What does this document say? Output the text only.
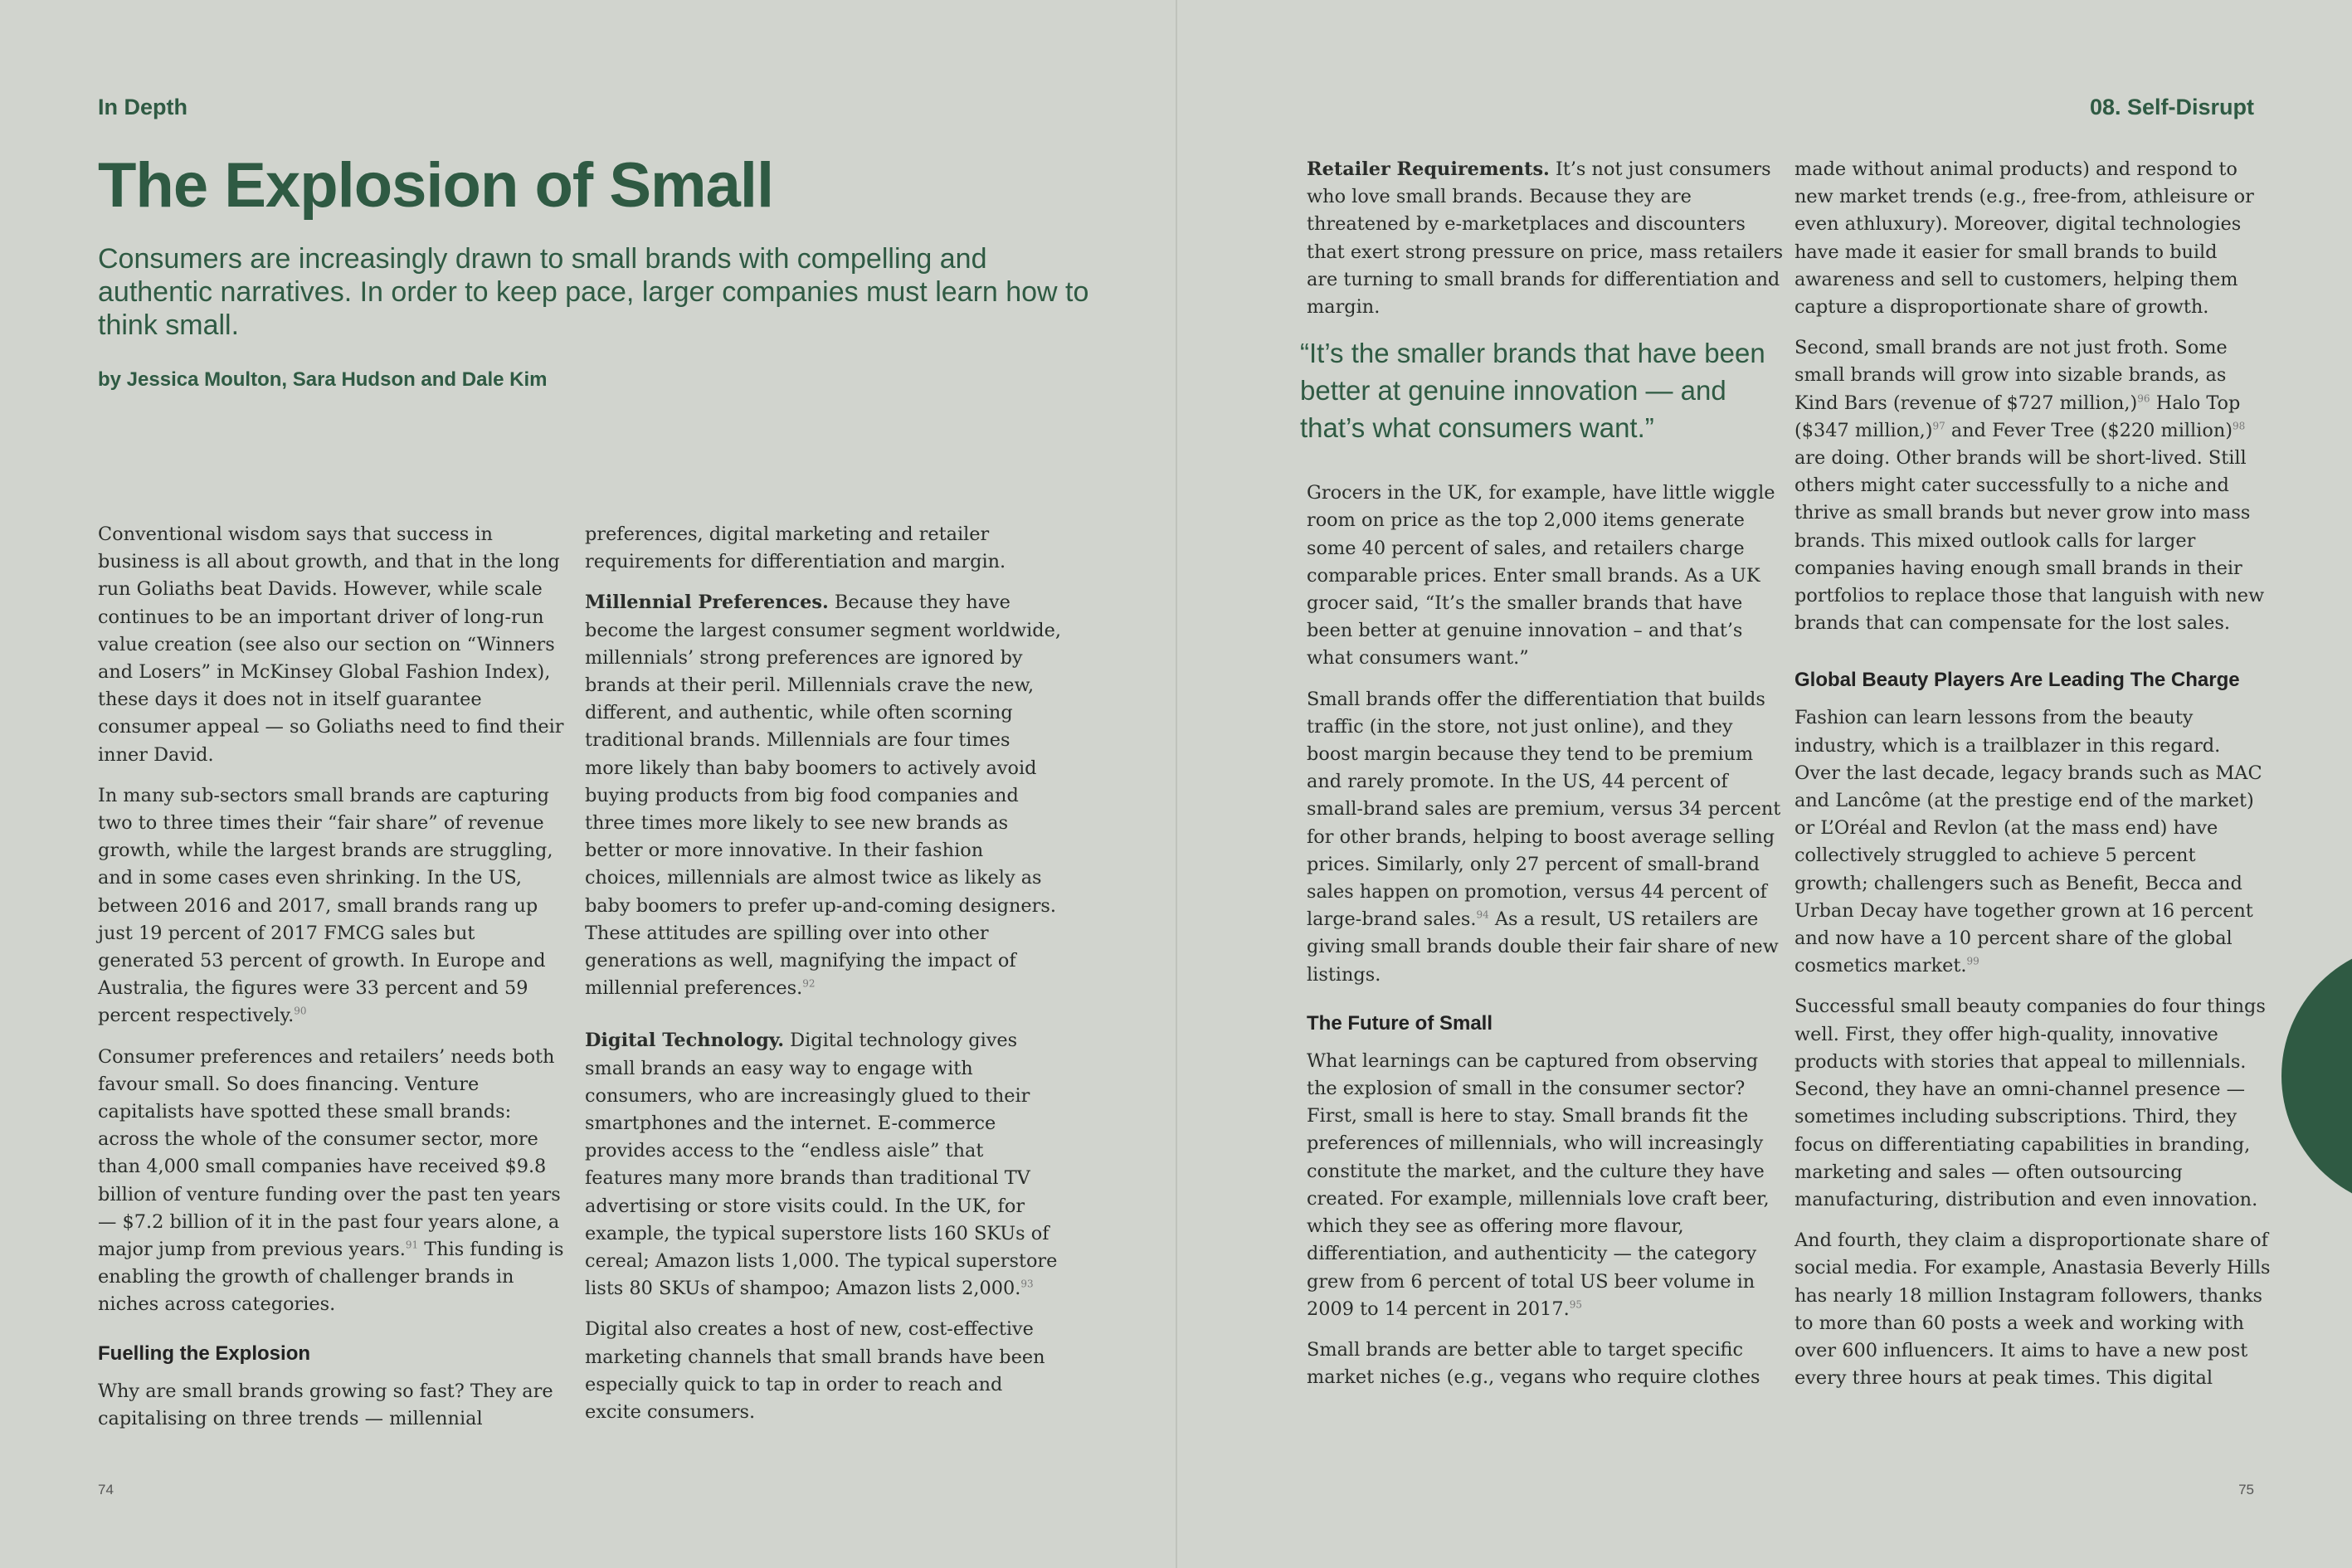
In Depth
The Explosion of Small

Consumers are increasingly drawn to small brands with compelling and authentic narratives. In order to keep pace, larger companies must learn how to think small.

by Jessica Moulton, Sara Hudson and Dale Kim

Conventional wisdom says that success in business is all about growth, and that in the long run Goliaths beat Davids. However, while scale continues to be an important driver of long-run value creation (see also our section on “Winners and Losers” in McKinsey Global Fashion Index), these days it does not in itself guarantee consumer appeal — so Goliaths need to find their inner David.

In many sub-sectors small brands are capturing two to three times their “fair share” of revenue growth, while the largest brands are struggling, and in some cases even shrinking. In the US, between 2016 and 2017, small brands rang up just 19 percent of 2017 FMCG sales but generated 53 percent of growth. In Europe and Australia, the figures were 33 percent and 59 percent respectively.$^{90}$

Consumer preferences and retailers’ needs both favour small. So does financing. Venture capitalists have spotted these small brands: across the whole of the consumer sector, more than 4,000 small companies have received $9.8 billion of venture funding over the past ten years — $7.2 billion of it in the past four years alone, a major jump from previous years.$^{91}$ This funding is enabling the growth of challenger brands in niches across categories.

Fuelling the Explosion

Why are small brands growing so fast? They are capitalising on three trends — millennial

preferences, digital marketing and retailer requirements for differentiation and margin.

Millennial Preferences. Because they have become the largest consumer segment worldwide, millennials’ strong preferences are ignored by brands at their peril. Millennials crave the new, different, and authentic, while often scorning traditional brands. Millennials are four times more likely than baby boomers to actively avoid buying products from big food companies and three times more likely to see new brands as better or more innovative. In their fashion choices, millennials are almost twice as likely as baby boomers to prefer up-and-coming designers. These attitudes are spilling over into other generations as well, magnifying the impact of millennial preferences.$^{92}$

Digital Technology. Digital technology gives small brands an easy way to engage with consumers, who are increasingly glued to their smartphones and the internet. E-commerce provides access to the “endless aisle” that features many more brands than traditional TV advertising or store visits could. In the UK, for example, the typical superstore lists 160 SKUs of cereal; Amazon lists 1,000. The typical superstore lists 80 SKUs of shampoo; Amazon lists 2,000.93

Digital also creates a host of new, cost-effective marketing channels that small brands have been especially quick to tap in order to reach and excite consumers.

74
08. Self-Disrupt

Retailer Requirements. It’s not just consumers who love small brands. Because they are threatened by e-marketplaces and discounters that exert strong pressure on price, mass retailers are turning to small brands for differentiation and margin.

“It’s the smaller brands that have been better at genuine innovation — and that’s what consumers want.”

Grocers in the UK, for example, have little wiggle room on price as the top 2,000 items generate some 40 percent of sales, and retailers charge comparable prices. Enter small brands. As a UK grocer said, “It’s the smaller brands that have been better at genuine innovation – and that’s what consumers want.”

Small brands offer the differentiation that builds traffic (in the store, not just online), and they boost margin because they tend to be premium and rarely promote. In the US, 44 percent of small-brand sales are premium, versus 34 percent for other brands, helping to boost average selling prices. Similarly, only 27 percent of small-brand sales happen on promotion, versus 44 percent of large-brand sales.$^{94}$ As a result, US retailers are giving small brands double their fair share of new listings.

The Future of Small

What learnings can be captured from observing the explosion of small in the consumer sector? First, small is here to stay. Small brands fit the preferences of millennials, who will increasingly constitute the market, and the culture they have created. For example, millennials love craft beer, which they see as offering more flavour, differentiation, and authenticity — the category grew from 6 percent of total US beer volume in 2009 to 14 percent in 2017.95

Small brands are better able to target specific market niches (e.g., vegans who require clothes

made without animal products) and respond to new market trends (e.g., free-from, athleisure or even athluxury). Moreover, digital technologies have made it easier for small brands to build awareness and sell to customers, helping them capture a disproportionate share of growth.

Second, small brands are not just froth. Some small brands will grow into sizable brands, as Kind Bars (revenue of $727 million,)$^{96}$ Halo Top ($347 million,)$^{97}$ and Fever Tree ($220 million)$^{98}$ are doing. Other brands will be short-lived. Still others might cater successfully to a niche and thrive as small brands but never grow into mass brands. This mixed outlook calls for larger companies having enough small brands in their portfolios to replace those that languish with new brands that can compensate for the lost sales.

Global Beauty Players Are Leading The Charge

Fashion can learn lessons from the beauty industry, which is a trailblazer in this regard. Over the last decade, legacy brands such as MAC and Lancôme (at the prestige end of the market) or L’Oréal and Revlon (at the mass end) have collectively struggled to achieve 5 percent growth; challengers such as Benefit, Becca and Urban Decay have together grown at 16 percent and now have a 10 percent share of the global cosmetics market.$^{99}$

Successful small beauty companies do four things well. First, they offer high-quality, innovative products with stories that appeal to millennials. Second, they have an omni-channel presence — sometimes including subscriptions. Third, they focus on differentiating capabilities in branding, marketing and sales — often outsourcing manufacturing, distribution and even innovation.

And fourth, they claim a disproportionate share of social media. For example, Anastasia Beverly Hills has nearly 18 million Instagram followers, thanks to more than 60 posts a week and working with over 600 influencers. It aims to have a new post every three hours at peak times. This digital

75
